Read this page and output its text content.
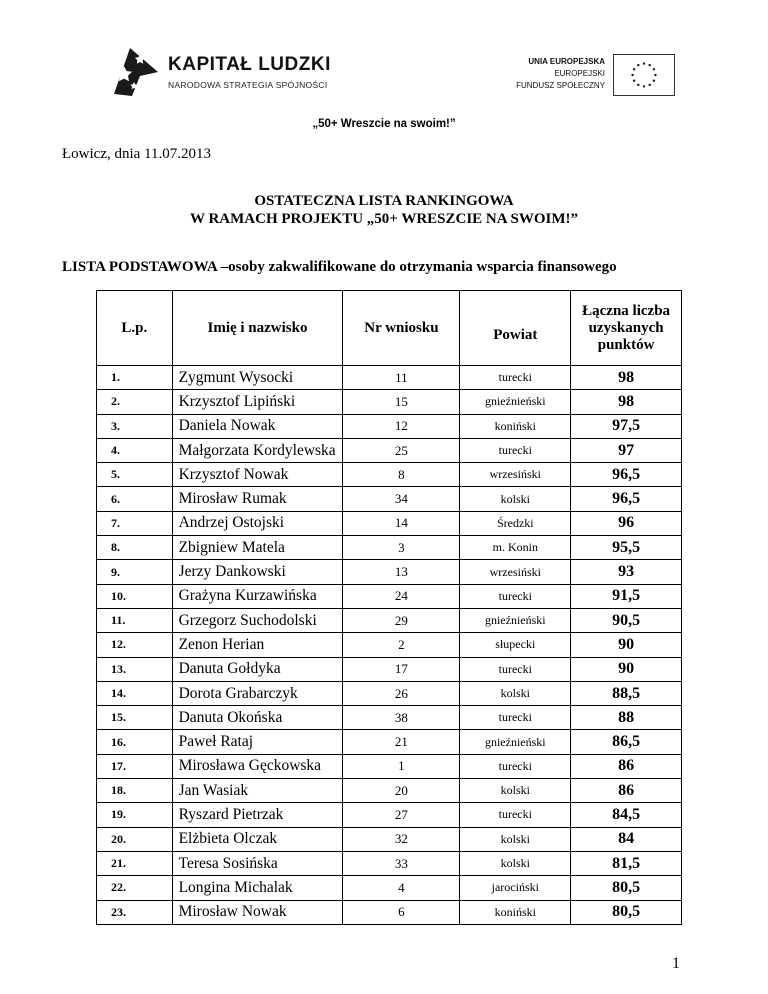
KAPITAŁ LUDZKI
NARODOWA STRATEGIA SPÓJNOŚCI
UNIA EUROPEJSKA
EUROPEJSKI
FUNDUSZ SPOŁECZNY
„50+ Wreszcie na swoim!”
Łowicz, dnia 11.07.2013
OSTATECZNA LISTA RANKINGOWA
W RAMACH PROJEKTU „50+ WRESZCIE NA SWOIM!”
LISTA PODSTAWOWA –osoby zakwalifikowane do otrzymania wsparcia finansowego
L.p.	Imię i nazwisko	Nr wniosku	Powiat	Łączna liczba uzyskanych punktów
1.	Zygmunt Wysocki	11	turecki	98
2.	Krzysztof Lipiński	15	gnieźnieński	98
3.	Daniela Nowak	12	koniński	97,5
4.	Małgorzata Kordylewska	25	turecki	97
5.	Krzysztof Nowak	8	wrzesiński	96,5
6.	Mirosław Rumak	34	kolski	96,5
7.	Andrzej Ostojski	14	Średzki	96
8.	Zbigniew Matela	3	m. Konin	95,5
9.	Jerzy Dankowski	13	wrzesiński	93
10.	Grażyna Kurzawińska	24	turecki	91,5
11.	Grzegorz Suchodolski	29	gnieźnieński	90,5
12.	Zenon Herian	2	słupecki	90
13.	Danuta Gołdyka	17	turecki	90
14.	Dorota Grabarczyk	26	kolski	88,5
15.	Danuta Okońska	38	turecki	88
16.	Paweł Rataj	21	gnieźnieński	86,5
17.	Mirosława Gęckowska	1	turecki	86
18.	Jan Wasiak	20	kolski	86
19.	Ryszard Pietrzak	27	turecki	84,5
20.	Elżbieta Olczak	32	kolski	84
21.	Teresa Sosińska	33	kolski	81,5
22.	Longina Michalak	4	jarociński	80,5
23.	Mirosław Nowak	6	koniński	80,5
1
